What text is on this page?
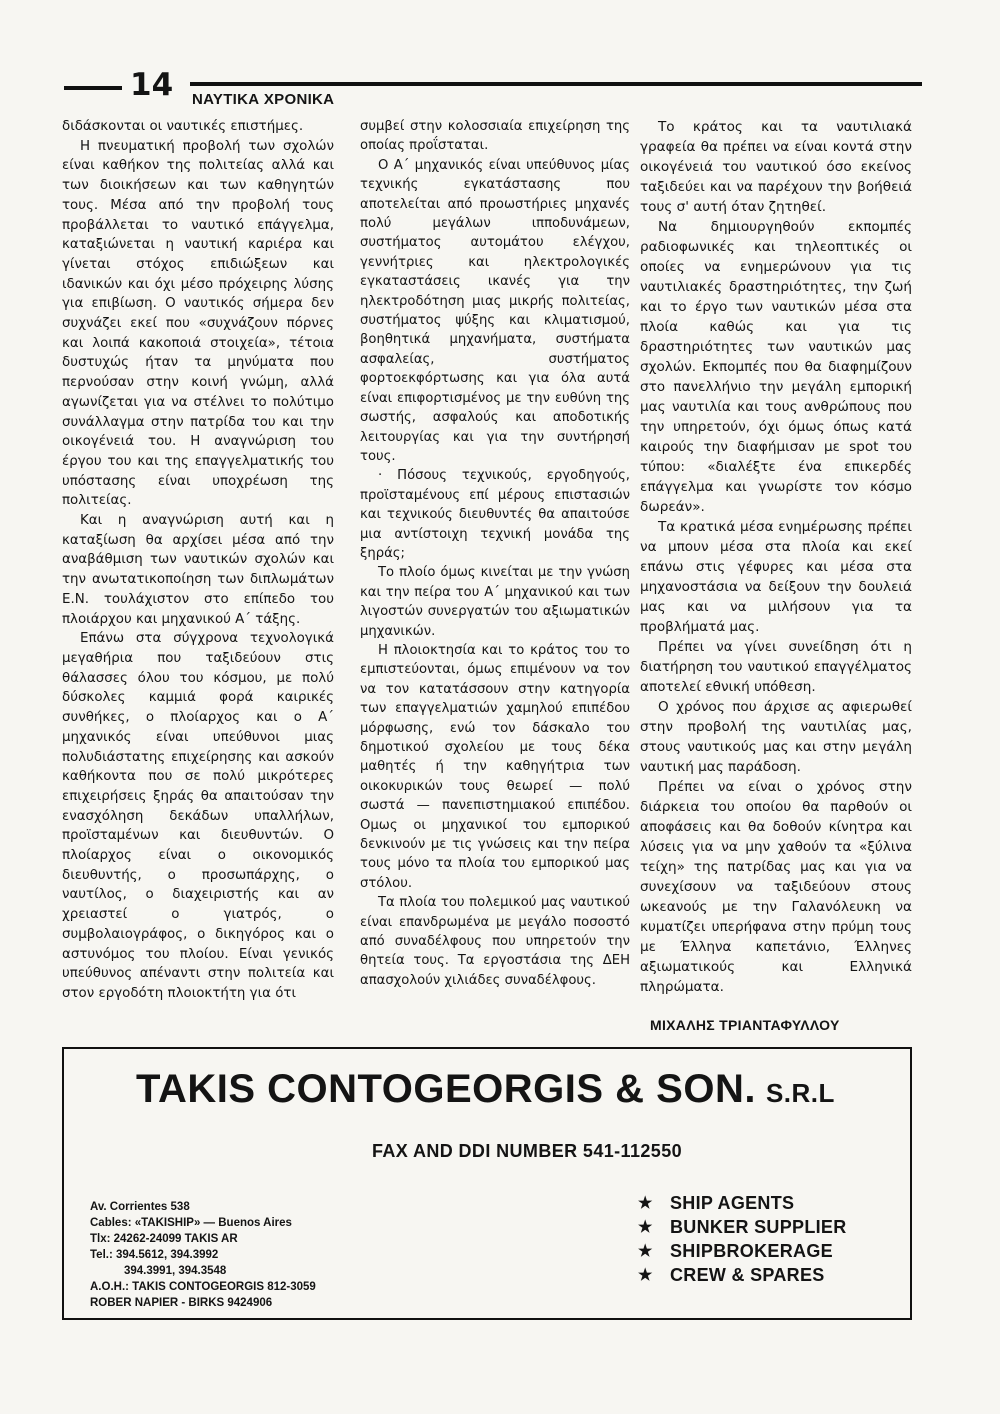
14 ΝΑΥΤΙΚΑ ΧΡΟΝΙΚΑ

διδάσκονται οι ναυτικές επιστήμες.

Η πνευματική προβολή των σχολών είναι καθήκον της πολιτείας αλλά και των διοικήσεων και των καθηγητών τους. Μέσα από την προβολή τους προβάλλεται το ναυτικό επάγγελμα, καταξιώνεται η ναυτική καριέρα και γίνεται στόχος επιδιώξεων και ιδανικών και όχι μέσο πρόχειρης λύσης για επιβίωση. Ο ναυτικός σήμερα δεν συχνάζει εκεί που «συχνάζουν πόρνες και λοιπά κακοποιά στοιχεία», τέτοια δυστυχώς ήταν τα μηνύματα που περνούσαν στην κοινή γνώμη, αλλά αγωνίζεται για να στέλνει το πολύτιμο συνάλλαγμα στην πατρίδα του και την οικογένειά του. Η αναγνώριση του έργου του και της επαγγελματικής του υπόστασης είναι υποχρέωση της πολιτείας.

Και η αναγνώριση αυτή και η καταξίωση θα αρχίσει μέσα από την αναβάθμιση των ναυτικών σχολών και την ανωτατικοποίηση των διπλωμάτων Ε.Ν. τουλάχιστον στο επίπεδο του πλοιάρχου και μηχανικού Α΄ τάξης.

Επάνω στα σύγχρονα τεχνολογικά μεγαθήρια που ταξιδεύουν στις θάλασσες όλου του κόσμου, με πολύ δύσκολες καμμιά φορά καιρικές συνθήκες, ο πλοίαρχος και ο Α΄ μηχανικός είναι υπεύθυνοι μιας πολυδιάστατης επιχείρησης και ασκούν καθήκοντα που σε πολύ μικρότερες επιχειρήσεις ξηράς θα απαιτούσαν την ενασχόληση δεκάδων υπαλλήλων, προϊσταμένων και διευθυντών. Ο πλοίαρχος είναι ο οικονομικός διευθυντής, ο προσωπάρχης, ο ναυτίλος, ο διαχειριστής και αν χρειαστεί ο γιατρός, ο συμβολαιογράφος, ο δικηγόρος και ο αστυνόμος του πλοίου. Είναι γενικός υπεύθυνος απέναντι στην πολιτεία και στον εργοδότη πλοιοκτήτη για ότι

συμβεί στην κολοσσιαία επιχείρηση της οποίας προΐσταται.

Ο Α΄ μηχανικός είναι υπεύθυνος μίας τεχνικής εγκατάστασης που αποτελείται από προωστήριες μηχανές πολύ μεγάλων ιπποδυνάμεων, συστήματος αυτομάτου ελέγχου, γεννήτριες και ηλεκτρολογικές εγκαταστάσεις ικανές για την ηλεκτροδότηση μιας μικρής πολιτείας, συστήματος ψύξης και κλιματισμού, βοηθητικά μηχανήματα, συστήματα ασφαλείας, συστήματος φορτοεκφόρτωσης και για όλα αυτά είναι επιφορτισμένος με την ευθύνη της σωστής, ασφαλούς και αποδοτικής λειτουργίας και για την συντήρησή τους.

· Πόσους τεχνικούς, εργοδηγούς, προϊσταμένους επί μέρους επιστασιών και τεχνικούς διευθυντές θα απαιτούσε μια αντίστοιχη τεχνική μονάδα της ξηράς;

Το πλοίο όμως κινείται με την γνώση και την πείρα του Α΄ μηχανικού και των λιγοστών συνεργατών του αξιωματικών μηχανικών.

Η πλοιοκτησία και το κράτος του το εμπιστεύονται, όμως επιμένουν να τον να τον κατατάσσουν στην κατηγορία των επαγγελματιών χαμηλού επιπέδου μόρφωσης, ενώ τον δάσκαλο του δημοτικού σχολείου με τους δέκα μαθητές ή την καθηγήτρια των οικοκυρικών τους θεωρεί — πολύ σωστά — πανεπιστημιακού επιπέδου. Ομως οι μηχανικοί του εμπορικού δενκινούν με τις γνώσεις και την πείρα τους μόνο τα πλοία του εμπορικού μας στόλου.

Τα πλοία του πολεμικού μας ναυτικού είναι επανδρωμένα με μεγάλο ποσοστό από συναδέλφους που υπηρετούν την θητεία τους. Τα εργοστάσια της ΔΕΗ απασχολούν χιλιάδες συναδέλφους.

Το κράτος και τα ναυτιλιακά γραφεία θα πρέπει να είναι κοντά στην οικογένειά του ναυτικού όσο εκείνος ταξιδεύει και να παρέχουν την βοήθειά τους σ' αυτή όταν ζητηθεί.

Να δημιουργηθούν εκπομπές ραδιοφωνικές και τηλεοπτικές οι οποίες να ενημερώνουν για τις ναυτιλιακές δραστηριότητες, την ζωή και το έργο των ναυτικών μέσα στα πλοία καθώς και για τις δραστηριότητες των ναυτικών μας σχολών. Εκπομπές που θα διαφημίζουν στο πανελλήνιο την μεγάλη εμπορική μας ναυτιλία και τους ανθρώπους που την υπηρετούν, όχι όμως όπως κατά καιρούς την διαφήμισαν με spot του τύπου: «διαλέξτε ένα επικερδές επάγγελμα και γνωρίστε τον κόσμο δωρεάν».

Τα κρατικά μέσα ενημέρωσης πρέπει να μπουν μέσα στα πλοία και εκεί επάνω στις γέφυρες και μέσα στα μηχανοστάσια να δείξουν την δουλειά μας και να μιλήσουν για τα προβλήματά μας.

Πρέπει να γίνει συνείδηση ότι η διατήρηση του ναυτικού επαγγέλματος αποτελεί εθνική υπόθεση.

Ο χρόνος που άρχισε ας αφιερωθεί στην προβολή της ναυτιλίας μας, στους ναυτικούς μας και στην μεγάλη ναυτική μας παράδοση.

Πρέπει να είναι ο χρόνος στην διάρκεια του οποίου θα παρθούν οι αποφάσεις και θα δοθούν κίνητρα και λύσεις για να μην χαθούν τα «ξύλινα τείχη» της πατρίδας μας και για να συνεχίσουν να ταξιδεύουν στους ωκεανούς με την Γαλανόλευκη να κυματίζει υπερήφανα στην πρύμη τους με Έλληνα καπετάνιο, Έλληνες αξιωματικούς και Ελληνικά πληρώματα.

ΜΙΧΑΛΗΣ ΤΡΙΑΝΤΑΦΥΛΛΟΥ
TAKIS CONTOGEORGIS & SON. S.R.L
FAX AND DDI NUMBER 541-112550
Av. Corrientes 538
Cables: «TAKISHIP» — Buenos Aires
Tlx: 24262-24099 TAKIS AR
Tel.: 394.5612, 394.3992
394.3991, 394.3548
A.O.H.: TAKIS CONTOGEORGIS 812-3059
ROBER NAPIER - BIRKS 9424906
★ SHIP AGENTS
★ BUNKER SUPPLIER
★ SHIPBROKERAGE
★ CREW & SPARES
